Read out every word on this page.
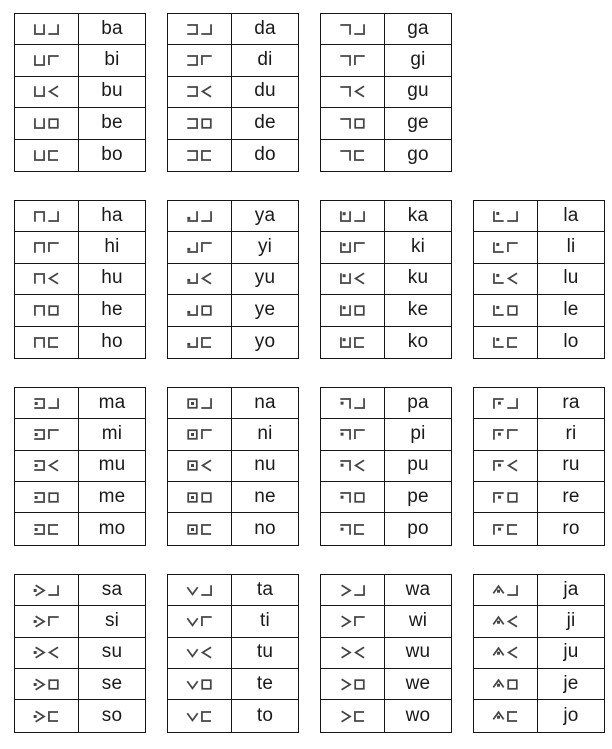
ba
bi
bu
be
bo
da
di
du
de
do
ga
gi
gu
ge
go
ha
hi
hu
he
ho
ya
yi
yu
ye
yo
ka
ki
ku
ke
ko
la
li
lu
le
lo
ma
mi
mu
me
mo
na
ni
nu
ne
no
pa
pi
pu
pe
po
ra
ri
ru
re
ro
sa
si
su
se
so
ta
ti
tu
te
to
wa
wi
wu
we
wo
ja
ji
ju
je
jo
